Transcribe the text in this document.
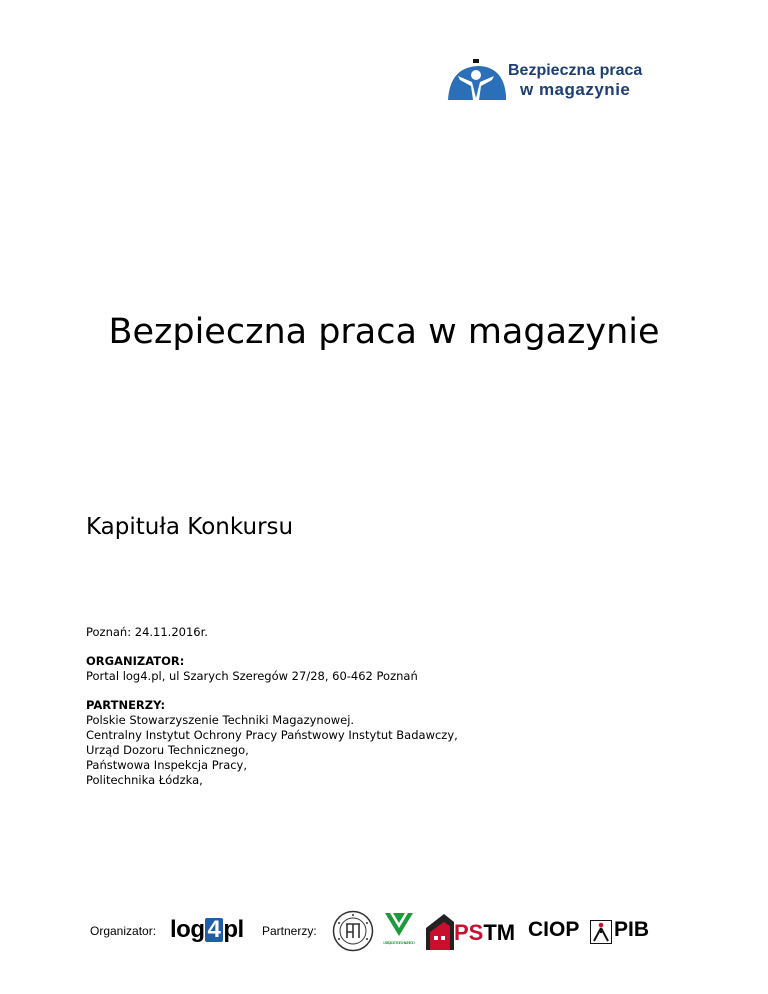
Bezpieczna praca
w magazynie
Bezpieczna praca w magazynie
Kapituła Konkursu

Poznań: 24.11.2016r.

ORGANIZATOR:

Portal log4.pl, ul Szarych Szeregów 27/28, 60-462 Poznań

PARTNERZY:

Polskie Stowarzyszenie Techniki Magazynowej.

Centralny Instytut Ochrony Pracy Państwowy Instytut Badawczy,

Urząd Dozoru Technicznego,

Państwowa Inspekcja Pracy,

Politechnika Łódzka,

Organizator: log 4 pl Partnerzy:
URZĄD DOZORU TECHNICZNEGO PSTM CIOP PIB
